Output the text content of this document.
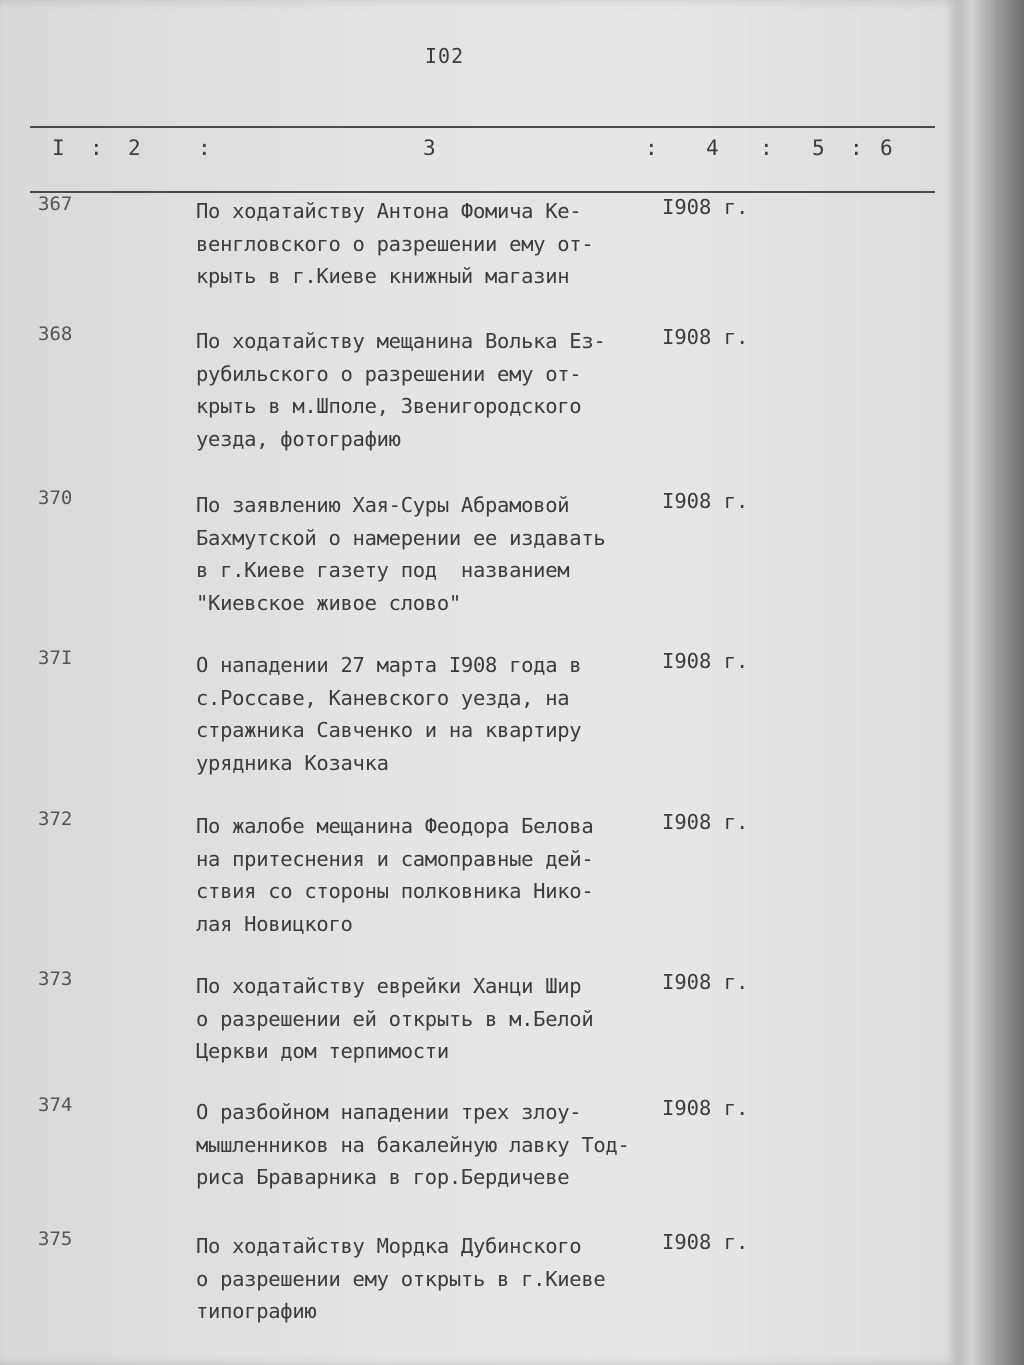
I02
I : 2	:	3	: 4 : 5 : 6
367	По ходатайству Антона Фомича Ке-
венгловского о разрешении ему от-
крыть в г.Киеве книжный магазин
I908 г.
368	По ходатайству мещанина Волька Ез-
рубильского о разрешении ему от-
крыть в м.Шполе, Звенигородского
уезда, фотографию
I908 г.
370	По заявлению Хая-Суры Абрамовой
Бахмутской о намерении ее издавать
в г.Киеве газету под  названием
"Киевское живое слово"
I908 г.
37I	О нападении 27 марта I908 года в
с.Россаве, Каневского уезда, на
стражника Савченко и на квартиру
урядника Козачка
I908 г.
372	По жалобе мещанина Феодора Белова
на притеснения и самоправные дей-
ствия со стороны полковника Нико-
лая Новицкого
I908 г.
373	По ходатайству еврейки Ханци Шир
о разрешении ей открыть в м.Белой
Церкви дом терпимости
I908 г.
374	О разбойном нападении трех злоу-
мышленников на бакалейную лавку Тод-
риса Браварника в гор.Бердичеве
I908 г.
375	По ходатайству Мордка Дубинского
о разрешении ему открыть в г.Киеве
типографию
I908 г.
